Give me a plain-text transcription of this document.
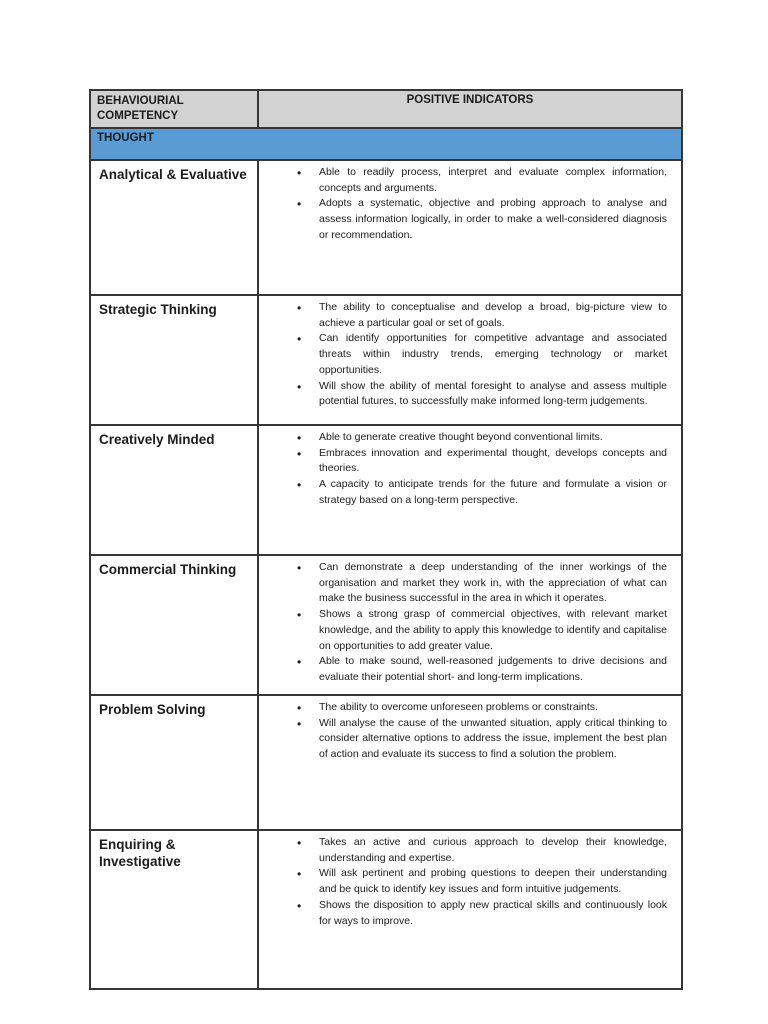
BEHAVIOURIAL COMPETENCY	POSITIVE INDICATORS
THOUGHT	
Analytical & Evaluative	
•Able to readily process, interpret and evaluate complex information, concepts and arguments.
• Adopts a systematic, objective and probing approach to analyse and assess information logically, in order to make a well-considered diagnosis or recommendation.

Strategic Thinking	
•The ability to conceptualise and develop a broad, big-picture view to achieve a particular goal or set of goals.
• Can identify opportunities for competitive advantage and associated threats within industry trends, emerging technology or market opportunities.
• Will show the ability of mental foresight to analyse and assess multiple potential futures, to successfully make informed long-term judgements.

Creatively Minded	
•Able to generate creative thought beyond conventional limits.
• Embraces innovation and experimental thought, develops concepts and theories.
• A capacity to anticipate trends for the future and formulate a vision or strategy based on a long-term perspective.

Commercial Thinking	
•Can demonstrate a deep understanding of the inner workings of the organisation and market they work in, with the appreciation of what can make the business successful in the area in which it operates.
• Shows a strong grasp of commercial objectives, with relevant market knowledge, and the ability to apply this knowledge to identify and capitalise on opportunities to add greater value.
• Able to make sound, well-reasoned judgements to drive decisions and evaluate their potential short- and long-term implications.

Problem Solving	
•The ability to overcome unforeseen problems or constraints.
• Will analyse the cause of the unwanted situation, apply critical thinking to consider alternative options to address the issue, implement the best plan of action and evaluate its success to find a solution the problem.

Enquiring & Investigative	
• Takes an active and curious approach to develop their knowledge, understanding and expertise.
• Will ask pertinent and probing questions to deepen their understanding and be quick to identify key issues and form intuitive judgements.
• Shows the disposition to apply new practical skills and continuously look for ways to improve.
